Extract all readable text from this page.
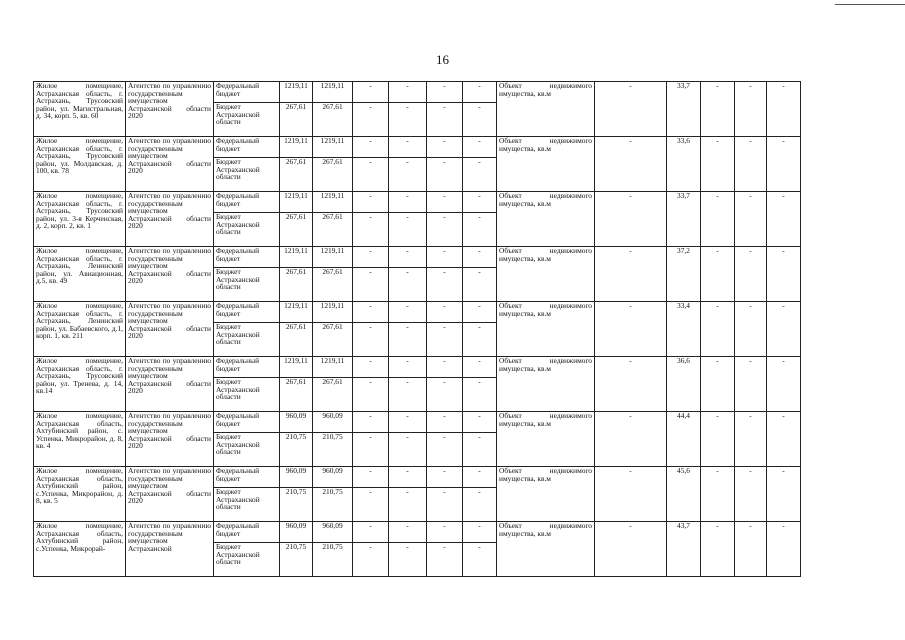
16
Жилое помещение, Астраханская область, г. Астрахань, Трусовский район, ул. Магистральная, д. 34, корп. 5, кв. 60	Агентство по управлению государственным имуществом Астраханской области 2020	Федеральный бюджет	1219,11	1219,11	-	-	-	-	Объект недвижимого имущества, кв.м	-	33,7	-	-	-
		Бюджет Астраханской области	267,61	267,61	-	-	-	-						
Жилое помещение, Астраханская область, г. Астрахань, Трусовский район, ул. Молдавская, д. 100, кв. 78	Агентство по управлению государственным имуществом Астраханской области 2020	Федеральный бюджет	1219,11	1219,11	-	-	-	-	Объект недвижимого имущества, кв.м	-	33,6	-	-	-
		Бюджет Астраханской области	267,61	267,61	-	-	-	-						
Жилое помещение, Астраханская область, г. Астрахань, Трусовский район, ул. 3-я Керченская, д. 2, корп. 2, кв. 1	Агентство по управлению государственным имуществом Астраханской области 2020	Федеральный бюджет	1219,11	1219,11	-	-	-	-	Объект недвижимого имущества, кв.м	-	33,7	-	-	-
		Бюджет Астраханской области	267,61	267,61	-	-	-	-						
Жилое помещение, Астраханская область, г. Астрахань, Ленинский район, ул. Авиационная, д.5, кв. 49	Агентство по управлению государственным имуществом Астраханской области 2020	Федеральный бюджет	1219,11	1219,11	-	-	-	-	Объект недвижимого имущества, кв.м	-	37,2	-	-	-
		Бюджет Астраханской области	267,61	267,61	-	-	-	-						
Жилое помещение, Астраханская область, г. Астрахань, Ленинский район, ул. Бабаевского, д.1, корп. 1, кв. 211	Агентство по управлению государственным имуществом Астраханской области 2020	Федеральный бюджет	1219,11	1219,11	-	-	-	-	Объект недвижимого имущества, кв.м	-	33,4	-	-	-
		Бюджет Астраханской области	267,61	267,61	-	-	-	-						
Жилое помещение, Астраханская область, г. Астрахань, Трусовский район, ул. Тренева, д. 14, кв.14	Агентство по управлению государственным имуществом Астраханской области 2020	Федеральный бюджет	1219,11	1219,11	-	-	-	-	Объект недвижимого имущества, кв.м	-	36,6	-	-	-
		Бюджет Астраханской области	267,61	267,61	-	-	-	-						
Жилое помещение, Астраханская область, Ахтубинский район, с. Успенка, Микрорайон, д. 8, кв. 4	Агентство по управлению государственным имуществом Астраханской области 2020	Федеральный бюджет	960,09	960,09	-	-	-	-	Объект недвижимого имущества, кв.м	-	44,4	-	-	-
		Бюджет Астраханской области	210,75	210,75	-	-	-	-						
Жилое помещение, Астраханская область, Ахтубинский район, с.Успенка, Микрорайон, д. 8, кв. 5	Агентство по управлению государственным имуществом Астраханской области 2020	Федеральный бюджет	960,09	960,09	-	-	-	-	Объект недвижимого имущества, кв.м	-	45,6	-	-	-
		Бюджет Астраханской области	210,75	210,75	-	-	-	-						
Жилое помещение, Астраханская область, Ахтубинский район, с.Успенка, Микрорай-	Агентство по управлению государственным имуществом Астраханской	Федеральный бюджет	960,09	960,09	-	-	-	-	Объект недвижимого имущества, кв.м	-	43,7	-	-	-
		Бюджет Астраханской области	210,75	210,75	-	-	-	-						
